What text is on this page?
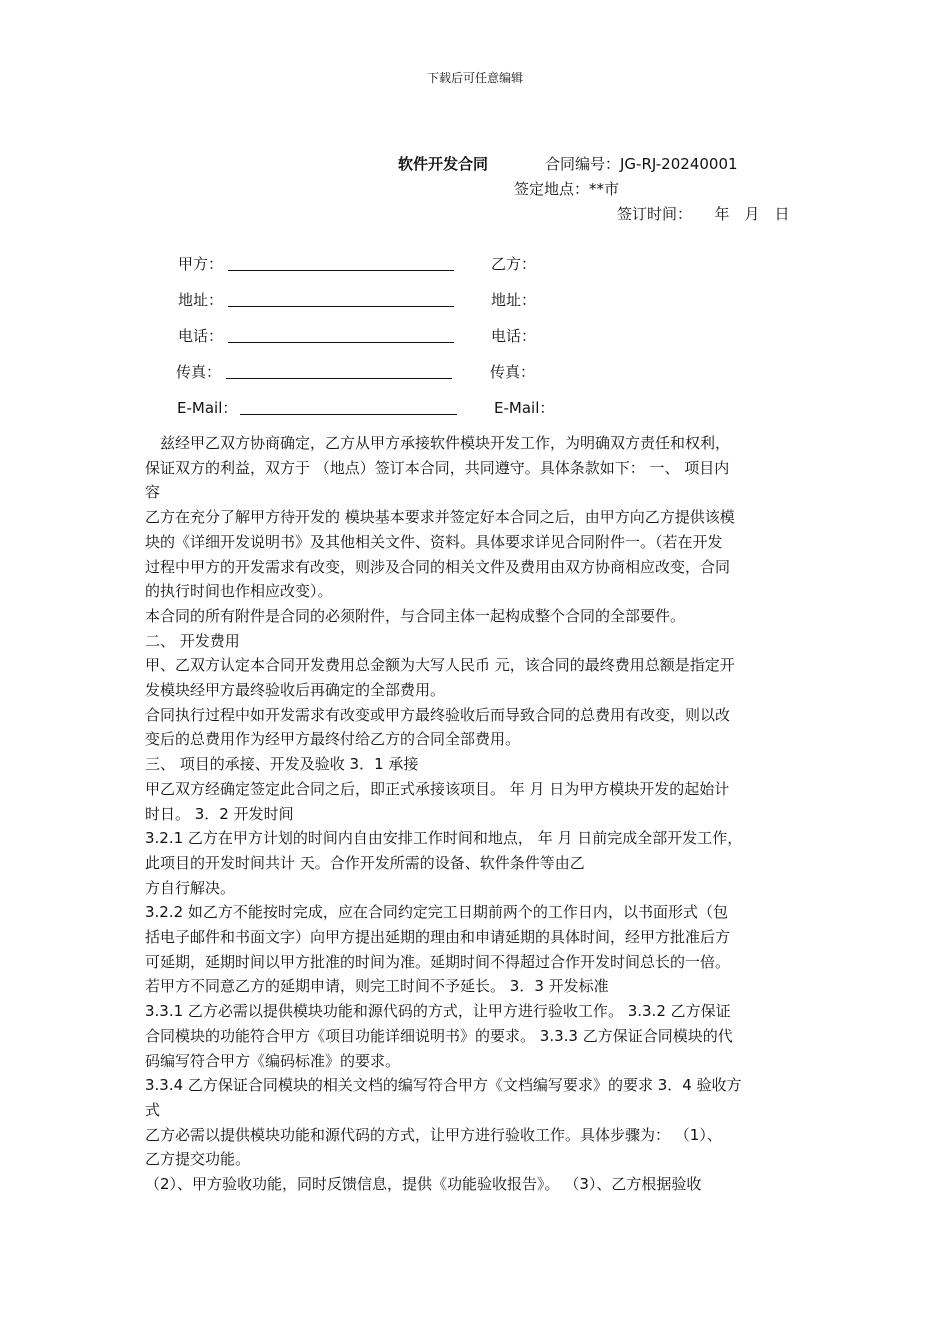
下载后可任意编辑
软件开发合同	合同编号：JG-RJ-20240001
签定地点：**市
签订时间：　　年　月　日
甲方：
地址：
电话：
传真：
E-Mail：
乙方：
地址：
电话：
传真：
E-Mail：

　兹经甲乙双方协商确定，乙方从甲方承接软件模块开发工作，为明确双方责任和权利，

保证双方的利益，双方于 （地点）签订本合同，共同遵守。具体条款如下： 一、 项目内

容

乙方在充分了解甲方待开发的 模块基本要求并签定好本合同之后，由甲方向乙方提供该模

块的《详细开发说明书》及其他相关文件、资料。具体要求详见合同附件一。（若在开发

过程中甲方的开发需求有改变，则涉及合同的相关文件及费用由双方协商相应改变，合同

的执行时间也作相应改变）。

本合同的所有附件是合同的必须附件，与合同主体一起构成整个合同的全部要件。

二、 开发费用

甲、乙双方认定本合同开发费用总金额为大写人民币 元，该合同的最终费用总额是指定开

发模块经甲方最终验收后再确定的全部费用。

合同执行过程中如开发需求有改变或甲方最终验收后而导致合同的总费用有改变，则以改

变后的总费用作为经甲方最终付给乙方的合同全部费用。

三、 项目的承接、开发及验收 3．1 承接

甲乙双方经确定签定此合同之后，即正式承接该项目。 年 月 日为甲方模块开发的起始计

时日。 3．2 开发时间

3.2.1 乙方在甲方计划的时间内自由安排工作时间和地点， 年 月 日前完成全部开发工作，

此项目的开发时间共计 天。合作开发所需的设备、软件条件等由乙

方自行解决。

3.2.2 如乙方不能按时完成，应在合同约定完工日期前两个的工作日内，以书面形式（包

括电子邮件和书面文字）向甲方提出延期的理由和申请延期的具体时间，经甲方批准后方

可延期，延期时间以甲方批准的时间为准。延期时间不得超过合作开发时间总长的一倍。

若甲方不同意乙方的延期申请，则完工时间不予延长。 3．3 开发标准

3.3.1 乙方必需以提供模块功能和源代码的方式，让甲方进行验收工作。 3.3.2 乙方保证

合同模块的功能符合甲方《项目功能详细说明书》的要求。 3.3.3 乙方保证合同模块的代

码编写符合甲方《编码标准》的要求。

3.3.4 乙方保证合同模块的相关文档的编写符合甲方《文档编写要求》的要求 3．4 验收方

式

乙方必需以提供模块功能和源代码的方式，让甲方进行验收工作。具体步骤为： （1）、

乙方提交功能。

（2）、甲方验收功能，同时反馈信息，提供《功能验收报告》。 （3）、乙方根据验收
